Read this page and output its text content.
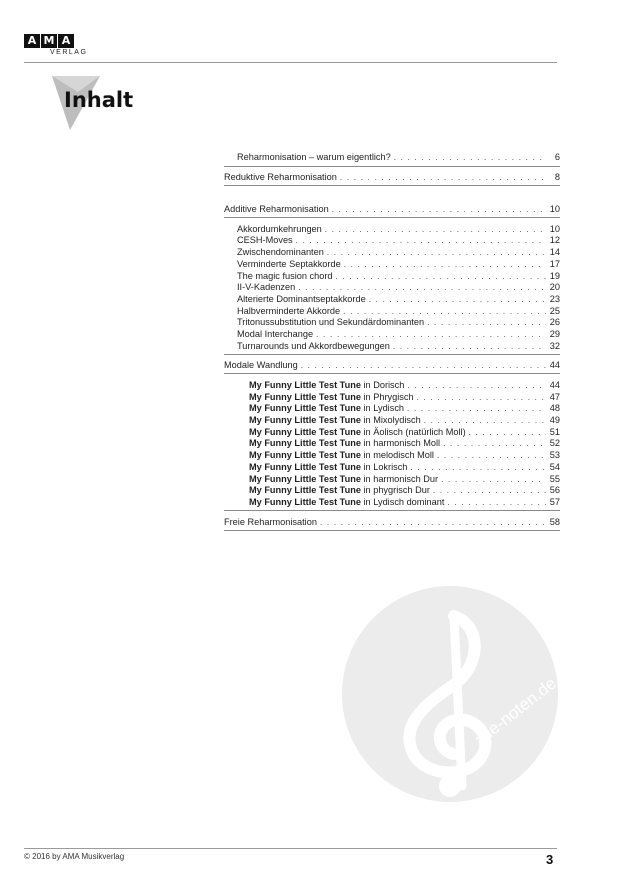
A M A
VERLAG
Inhalt
Reharmonisation – warum eigentlich? . . .	6
Reduktive Reharmonisation . . .	8
Additive Reharmonisation . . .	10
Akkordumkehrungen . . .	10
CESH-Moves . . .	12
Zwischendominanten . . .	14
Verminderte Septakkorde . . .	17
The magic fusion chord . . .	19
II-V-Kadenzen . . .	20
Alterierte Dominantseptakkorde . . .	23
Halbverminderte Akkorde . . .	25
Tritonussubstitution und Sekundärdominanten . . .	26
Modal Interchange . . .	29
Turnarounds und Akkordbewegungen . . .	32
Modale Wandlung . . .	44
My Funny Little Test Tune in Dorisch . . .	44
My Funny Little Test Tune in Phrygisch . . .	47
My Funny Little Test Tune in Lydisch . . .	48
My Funny Little Test Tune in Mixolydisch . . .	49
My Funny Little Test Tune in Äolisch (natürlich Moll) . . .	51
My Funny Little Test Tune in harmonisch Moll . . .	52
My Funny Little Test Tune in melodisch Moll . . .	53
My Funny Little Test Tune in Lokrisch . . .	54
My Funny Little Test Tune in harmonisch Dur . . .	55
My Funny Little Test Tune in phygrisch Dur . . .	56
My Funny Little Test Tune in Lydisch dominant . . .	57
Freie Reharmonisation . . .	58
alle-noten.de
© 2016 by AMA Musikverlag	3
